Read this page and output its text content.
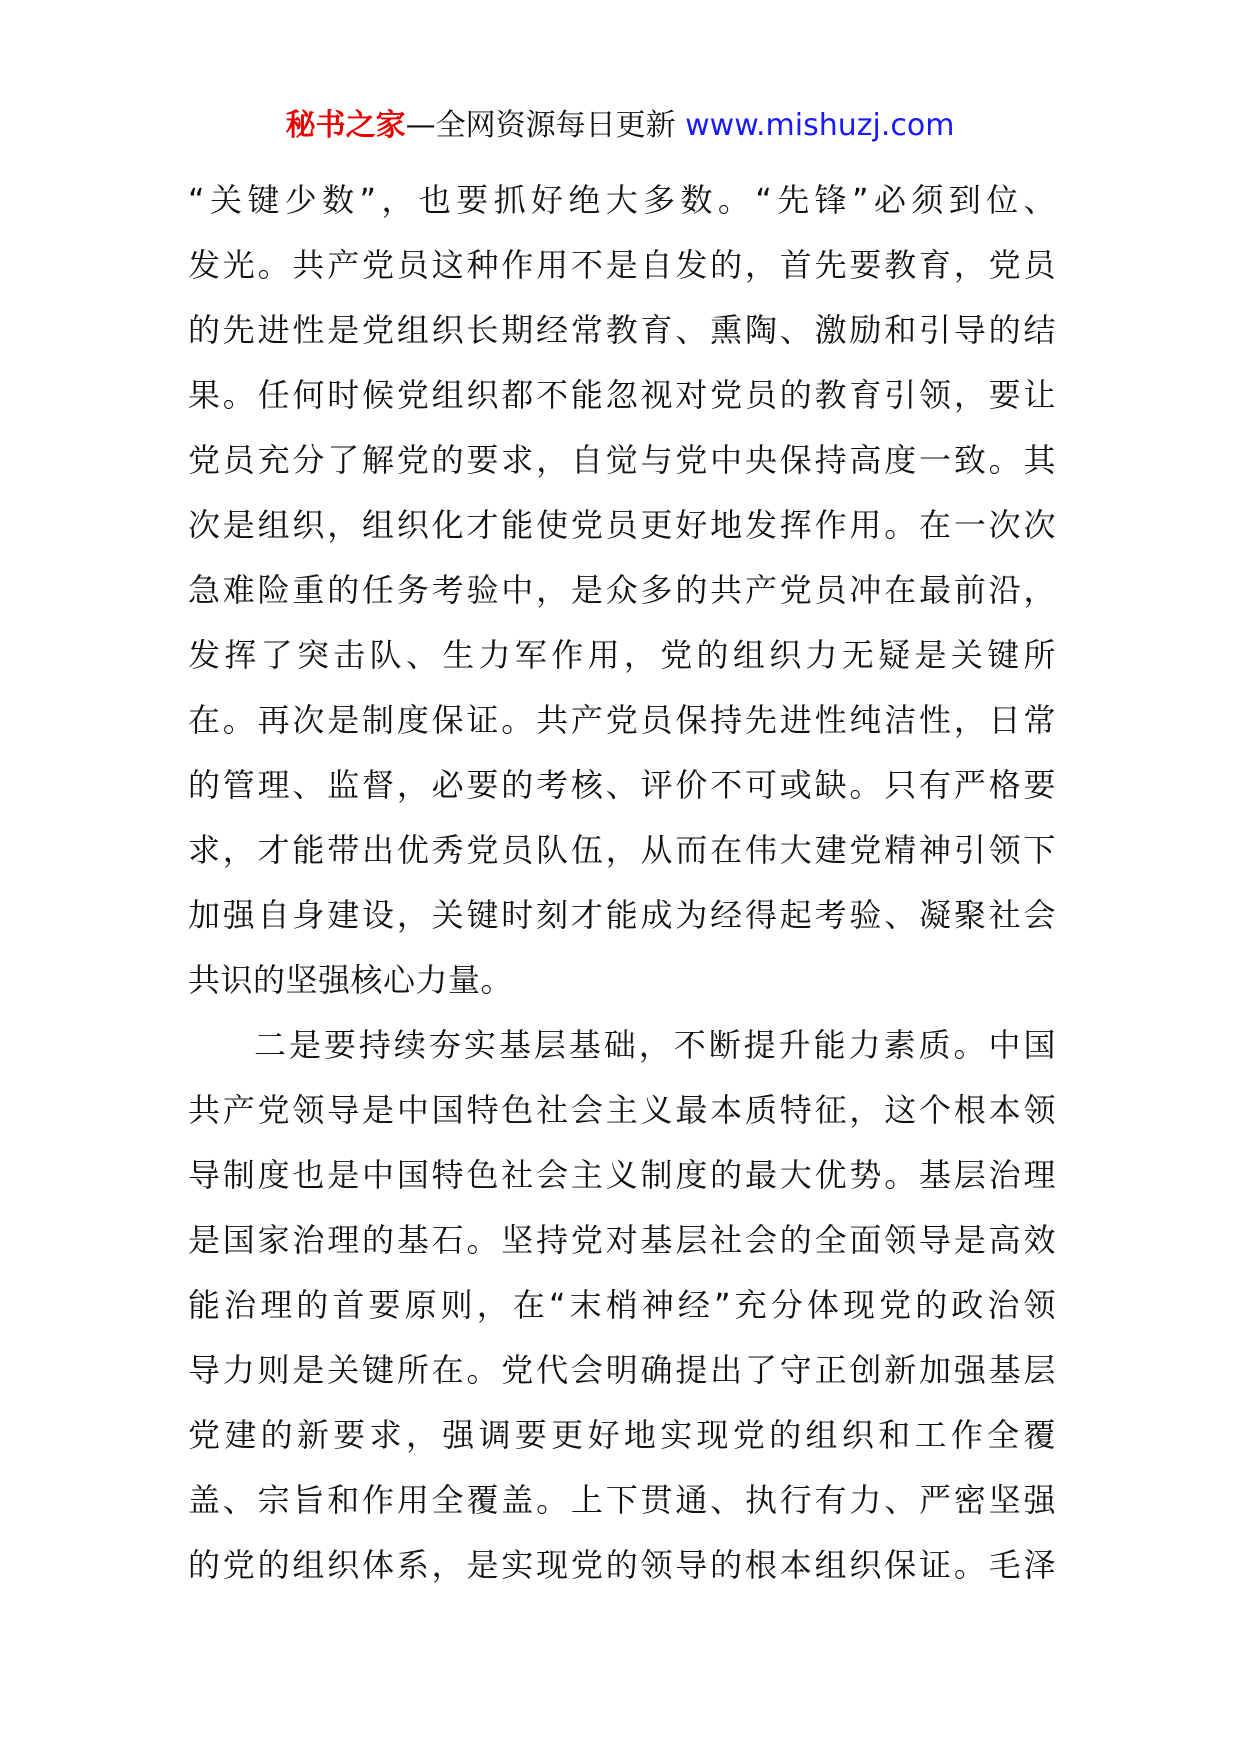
秘书之家—全网资源每日更新 www.mishuzj.com
“关键少数”，也要抓好绝大多数。“先锋”必须到位、
发光。共产党员这种作用不是自发的，首先要教育，党员
的先进性是党组织长期经常教育、熏陶、激励和引导的结
果。任何时候党组织都不能忽视对党员的教育引领，要让
党员充分了解党的要求，自觉与党中央保持高度一致。其
次是组织，组织化才能使党员更好地发挥作用。在一次次
急难险重的任务考验中，是众多的共产党员冲在最前沿，
发挥了突击队、生力军作用，党的组织力无疑是关键所
在。再次是制度保证。共产党员保持先进性纯洁性，日常
的管理、监督，必要的考核、评价不可或缺。只有严格要
求，才能带出优秀党员队伍，从而在伟大建党精神引领下
加强自身建设，关键时刻才能成为经得起考验、凝聚社会
共识的坚强核心力量。
二是要持续夯实基层基础，不断提升能力素质。中国
共产党领导是中国特色社会主义最本质特征，这个根本领
导制度也是中国特色社会主义制度的最大优势。基层治理
是国家治理的基石。坚持党对基层社会的全面领导是高效
能治理的首要原则，在“末梢神经”充分体现党的政治领
导力则是关键所在。党代会明确提出了守正创新加强基层
党建的新要求，强调要更好地实现党的组织和工作全覆
盖、宗旨和作用全覆盖。上下贯通、执行有力、严密坚强
的党的组织体系，是实现党的领导的根本组织保证。毛泽
